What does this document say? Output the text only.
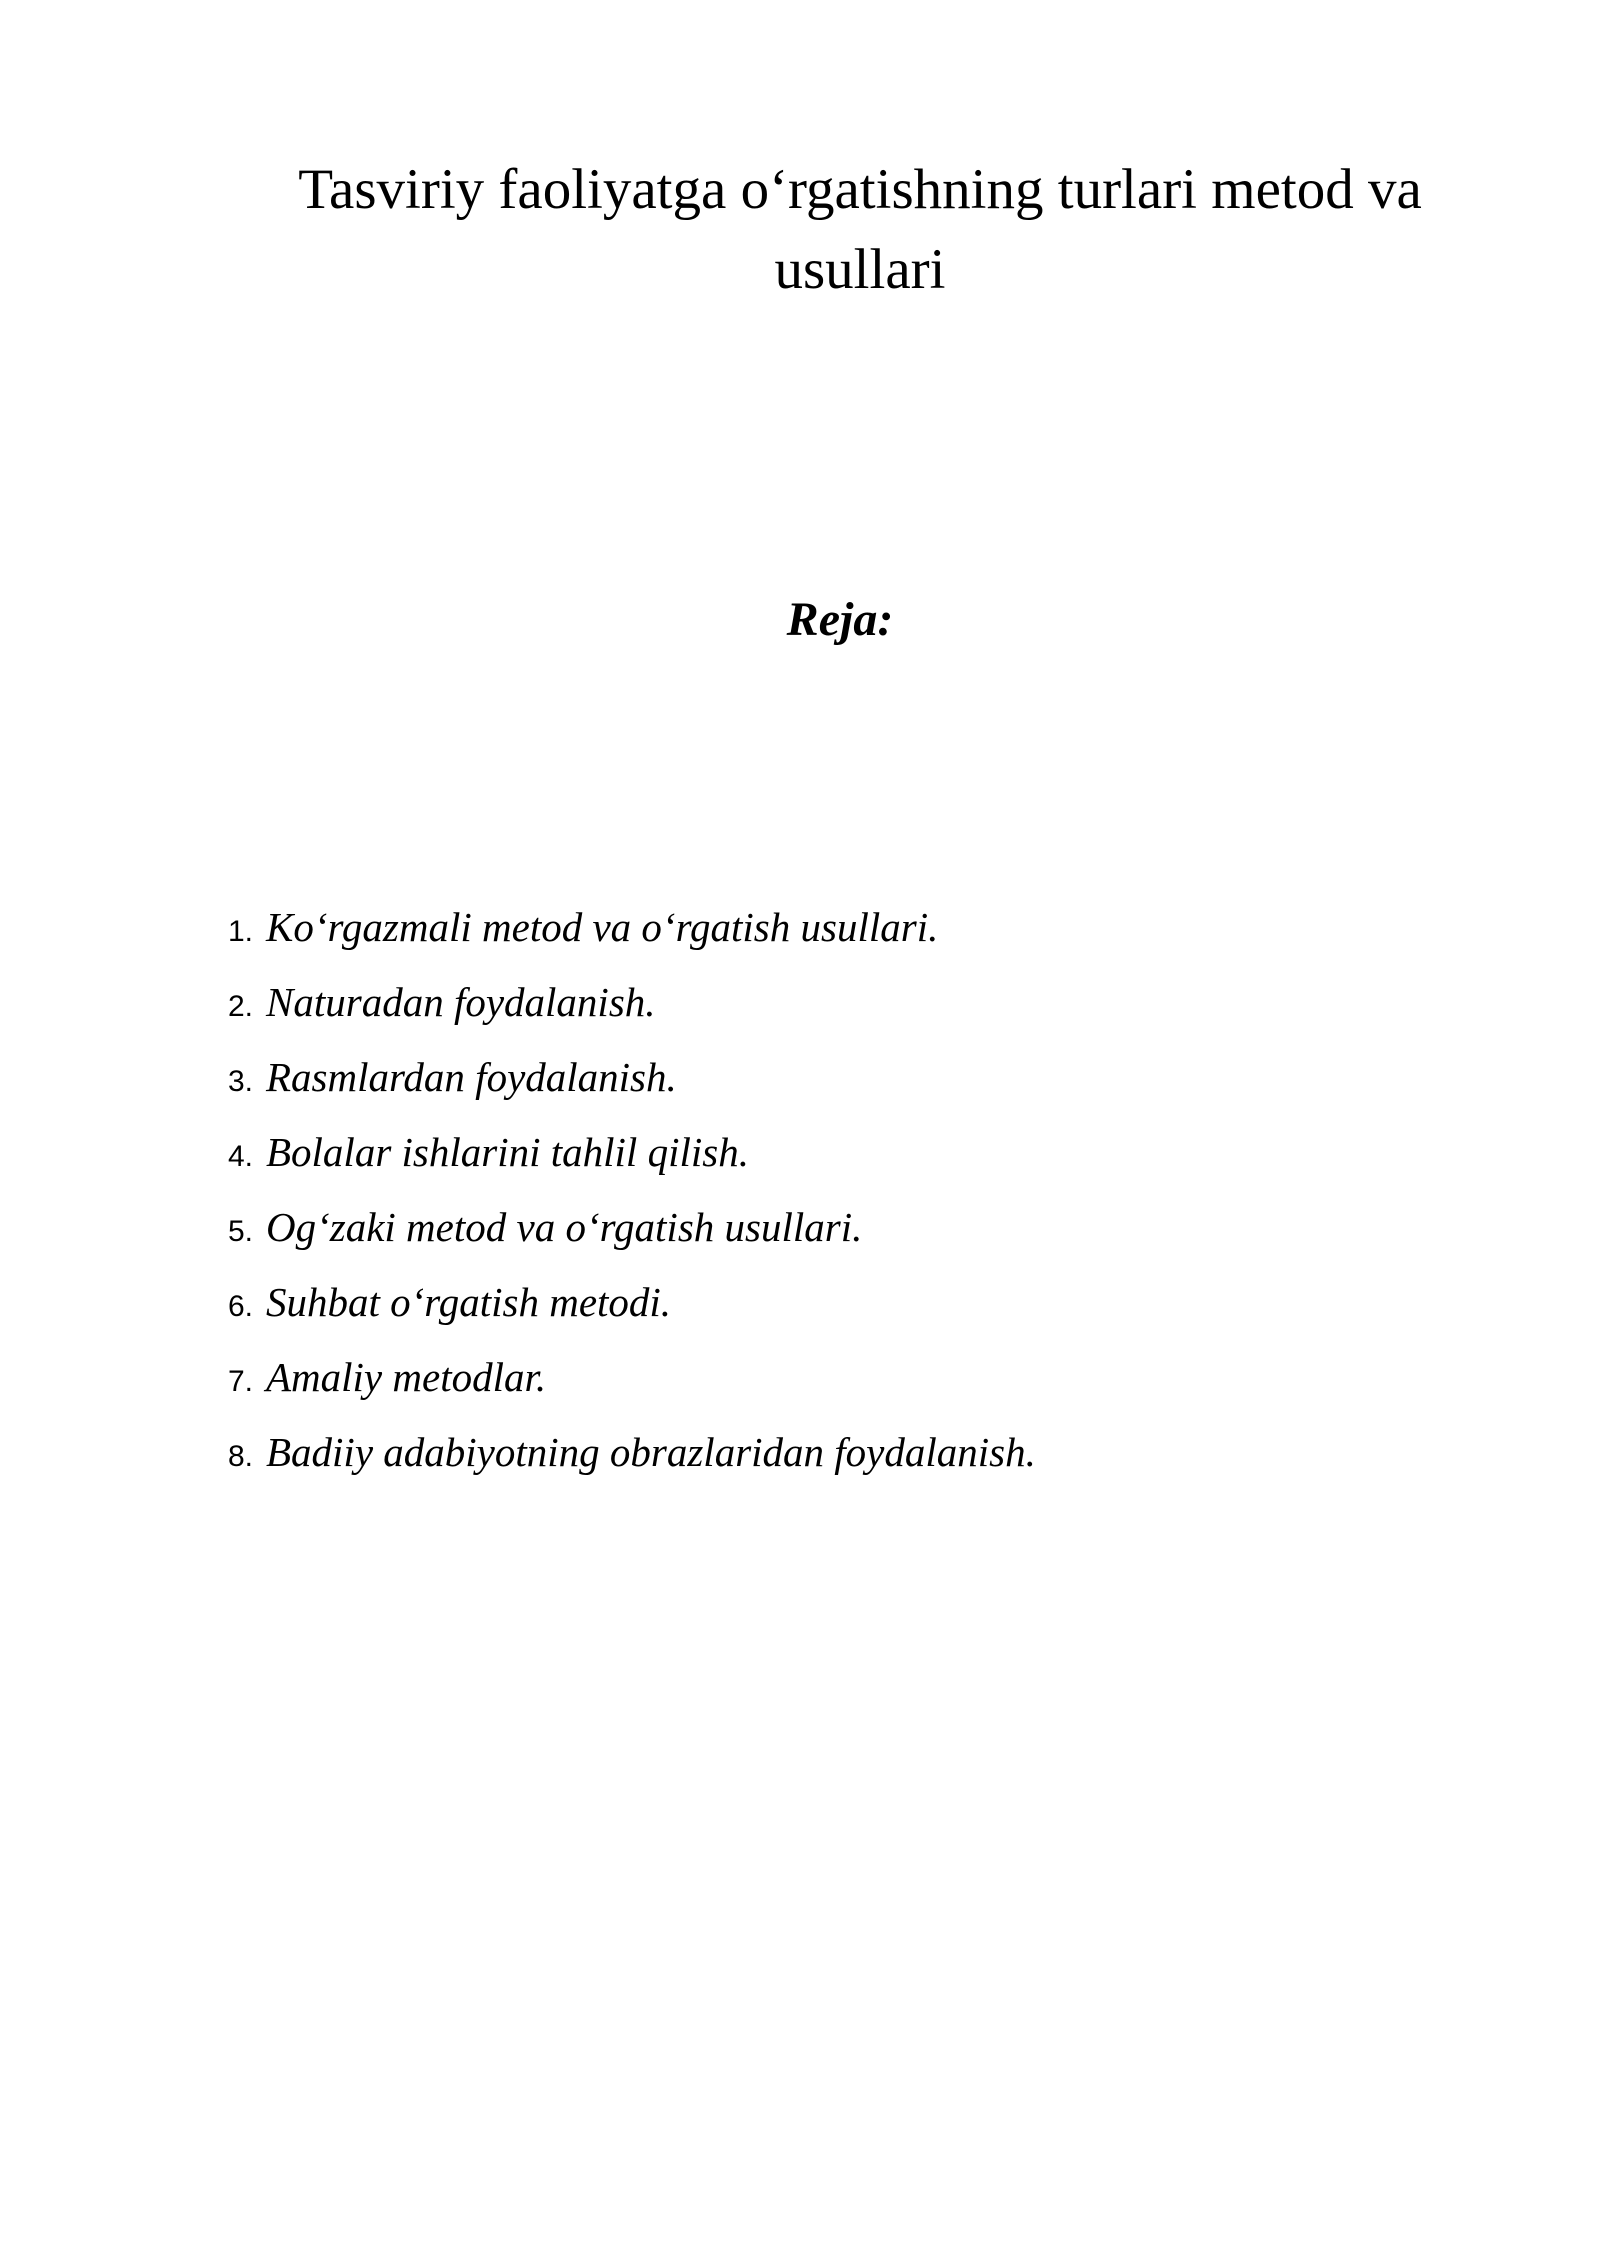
Tasviriy faoliyatga o‘rgatishning turlari metod va usullari
Reja:
1. Ko‘rgazmali metod va o‘rgatish usullari.
2. Naturadan foydalanish.
3. Rasmlardan foydalanish.
4. Bolalar ishlarini tahlil qilish.
5. Og‘zaki metod va o‘rgatish usullari.
6. Suhbat o‘rgatish metodi.
7. Amaliy metodlar.
8. Badiiy adabiyotning obrazlaridan foydalanish.
